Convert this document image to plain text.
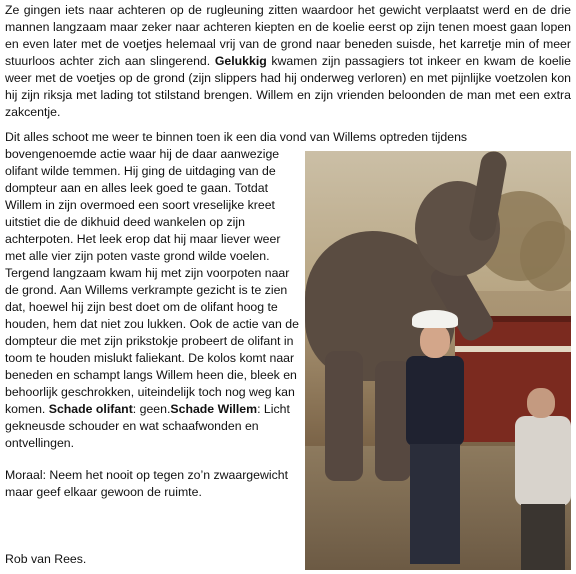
Ze gingen iets naar achteren op de rugleuning zitten waardoor het gewicht verplaatst werd en de drie mannen langzaam maar zeker naar achteren kiepten en de koelie eerst op zijn tenen moest gaan lopen en even later met de voetjes helemaal vrij van de grond naar beneden suisde, het karretje min of meer stuurloos achter zich aan slingerend. Gelukkig kwamen zijn passagiers tot inkeer en kwam de koelie weer met de voetjes op de grond (zijn slippers had hij onderweg verloren) en met pijnlijke voetzolen kon hij zijn riksja met lading tot stilstand brengen. Willem en zijn vrienden beloonden de man met een extra zakcentje.

Dit alles schoot me weer te binnen toen ik een dia vond van Willems optreden tijdens

bovengenoemde actie waar hij de daar aanwezige olifant wilde temmen. Hij ging de uitdaging van de dompteur aan en alles leek goed te gaan. Totdat Willem in zijn overmoed een soort vreselijke kreet uitstiet die de dikhuid deed wankelen op zijn achterpoten. Het leek erop dat hij maar liever weer met alle vier zijn poten vaste grond wilde voelen. Tergend langzaam kwam hij met zijn voorpoten naar de grond. Aan Willems verkrampte gezicht is te zien dat, hoewel hij zijn best doet om de olifant hoog te houden, hem dat niet zou lukken. Ook de actie van de dompteur die met zijn prikstokje probeert de olifant in toom te houden mislukt faliekant. De kolos komt naar beneden en schampt langs Willem heen die, bleek en behoorlijk geschrokken, uiteindelijk toch nog weg kan komen. Schade olifant: geen.Schade Willem: Licht gekneusde schouder en wat schaafwonden en ontvellingen.
Moraal: Neem het nooit op tegen zo’n zwaargewicht maar geef elkaar gewoon de ruimte.
Rob van Rees.
